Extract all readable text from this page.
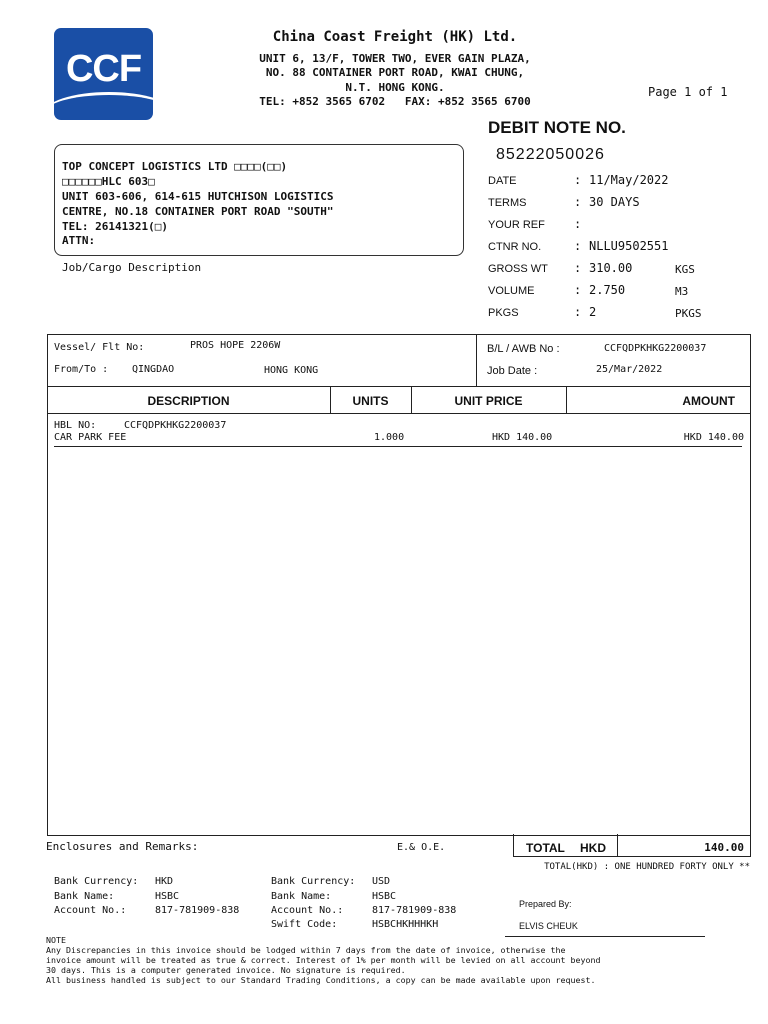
CCF
China Coast Freight (HK) Ltd.
UNIT 6, 13/F, TOWER TWO, EVER GAIN PLAZA,
NO. 88 CONTAINER PORT ROAD, KWAI CHUNG,
N.T. HONG KONG.
TEL: +852 3565 6702   FAX: +852 3565 6700
Page 1 of 1
DEBIT NOTE NO.
85222050026
TOP CONCEPT LOGISTICS LTD □□□□(□□)
□□□□□□HLC 603□
UNIT 603-606, 614-615 HUTCHISON LOGISTICS
CENTRE, NO.18 CONTAINER PORT ROAD "SOUTH"
TEL: 26141321(□)
ATTN:
DATE	: 11/May/2022
TERMS	: 30 DAYS
YOUR REF :
CTNR NO.	: NLLU9502551
GROSS WT : 310.00	KGS
VOLUME	: 2.750	M3
PKGS	: 2	PKGS
Job/Cargo Description
Vessel/ Flt No:	PROS HOPE 2206W
From/To : QINGDAO	HONG KONG
B/L / AWB No :	CCFQDPKHKG2200037
Job Date :	25/Mar/2022
DESCRIPTION	UNITS	UNIT PRICE	AMOUNT
HBL NO:	CCFQDPKHKG2200037
CAR PARK FEE	1.000	HKD 140.00	HKD 140.00
Enclosures and Remarks:	E.& O.E.	TOTAL HKD	140.00
TOTAL(HKD) : ONE HUNDRED FORTY ONLY **
Bank Currency: HKD
Bank Name:	HSBC
Account No.:	817-781909-838
Bank Currency: USD
Bank Name:	HSBC
Account No.:	817-781909-838
Swift Code:	HSBCHKHHHKH
Prepared By:
ELVIS CHEUK
NOTE
Any Discrepancies in this invoice should be lodged within 7 days from the date of invoice, otherwise the
invoice amount will be treated as true & correct. Interest of 1% per month will be levied on all account beyond
30 days. This is a computer generated invoice. No signature is required.
All business handled is subject to our Standard Trading Conditions, a copy can be made available upon request.
